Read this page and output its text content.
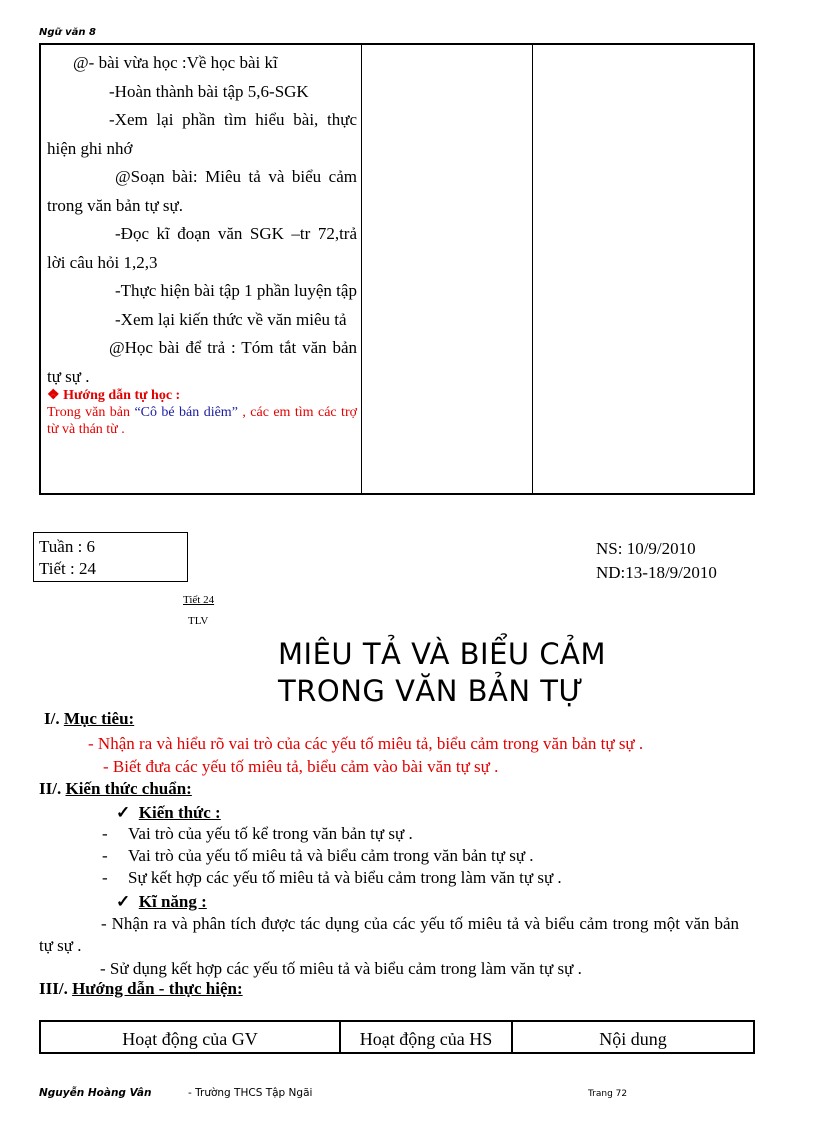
Ngữ văn 8

@- bài vừa học :Về học bài kĩ

-Hoàn thành bài tập 5,6-SGK

-Xem lại phần tìm hiểu bài, thực hiện ghi nhớ

@Soạn bài: Miêu tả và biểu cảm trong văn bản tự sự.

-Đọc kĩ đoạn văn SGK –tr 72,trả lời câu hỏi 1,2,3

-Thực hiện bài tập 1 phần luyện tập

-Xem lại kiến thức về văn miêu tả

@Học bài để trả : Tóm tắt văn bản tự sự .

❖ Hướng dẫn tự học :
Trong văn bản “Cô bé bán diêm” , các em tìm các trợ từ và thán từ .
Tuần : 6
Tiết : 24
NS: 10/9/2010
ND:13-18/9/2010
Tiết 24
TLV
MIÊU TẢ VÀ BIỂU CẢM
TRONG VĂN BẢN TỰ
I/. Mục tiêu:
- Nhận ra và hiểu rõ vai trò của các yếu tố miêu tả, biểu cảm trong văn bản tự sự .
- Biết đưa các yếu tố miêu tả, biểu cảm vào bài văn tự sự .
II/. Kiến thức chuẩn:
✓ Kiến thức :
- Vai trò của yếu tố kể trong văn bản tự sự .
- Vai trò của yếu tố miêu tả và biểu cảm trong văn bản tự sự .
- Sự kết hợp các yếu tố miêu tả và biểu cảm trong làm văn tự sự .
✓ Kĩ năng :
- Nhận ra và phân tích được tác dụng của các yếu tố miêu tả và biểu cảm trong một văn bản tự sự .
- Sử dụng kết hợp các yếu tố miêu tả và biểu cảm trong làm văn tự sự .
III/. Hướng dẫn - thực hiện:
Hoạt động của GV	Hoạt động của HS	Nội dung
Nguyễn Hoàng Vân	- Trường THCS Tập Ngãi	Trang 72
